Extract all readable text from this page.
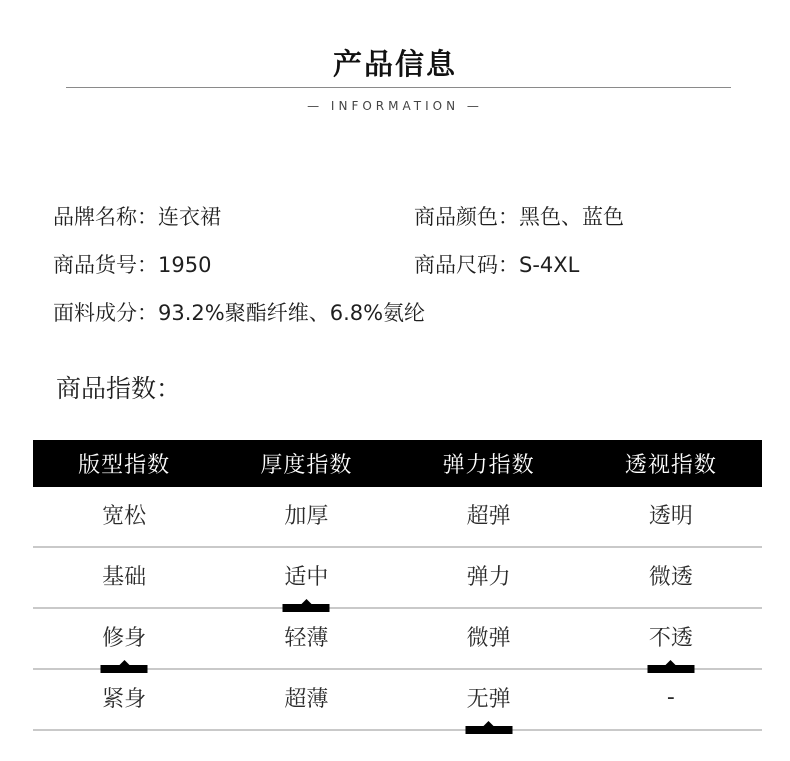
产品信息
— INFORMATION —
品牌名称：连衣裙	商品颜色：黑色、蓝色
商品货号：1950	商品尺码：S-4XL
面料成分：93.2%聚酯纤维、6.8%氨纶
商品指数：
版型指数	厚度指数	弹力指数	透视指数
宽松	加厚	超弹	透明
基础	适中	弹力	微透
修身	轻薄	微弹	不透
紧身	超薄	无弹	-
